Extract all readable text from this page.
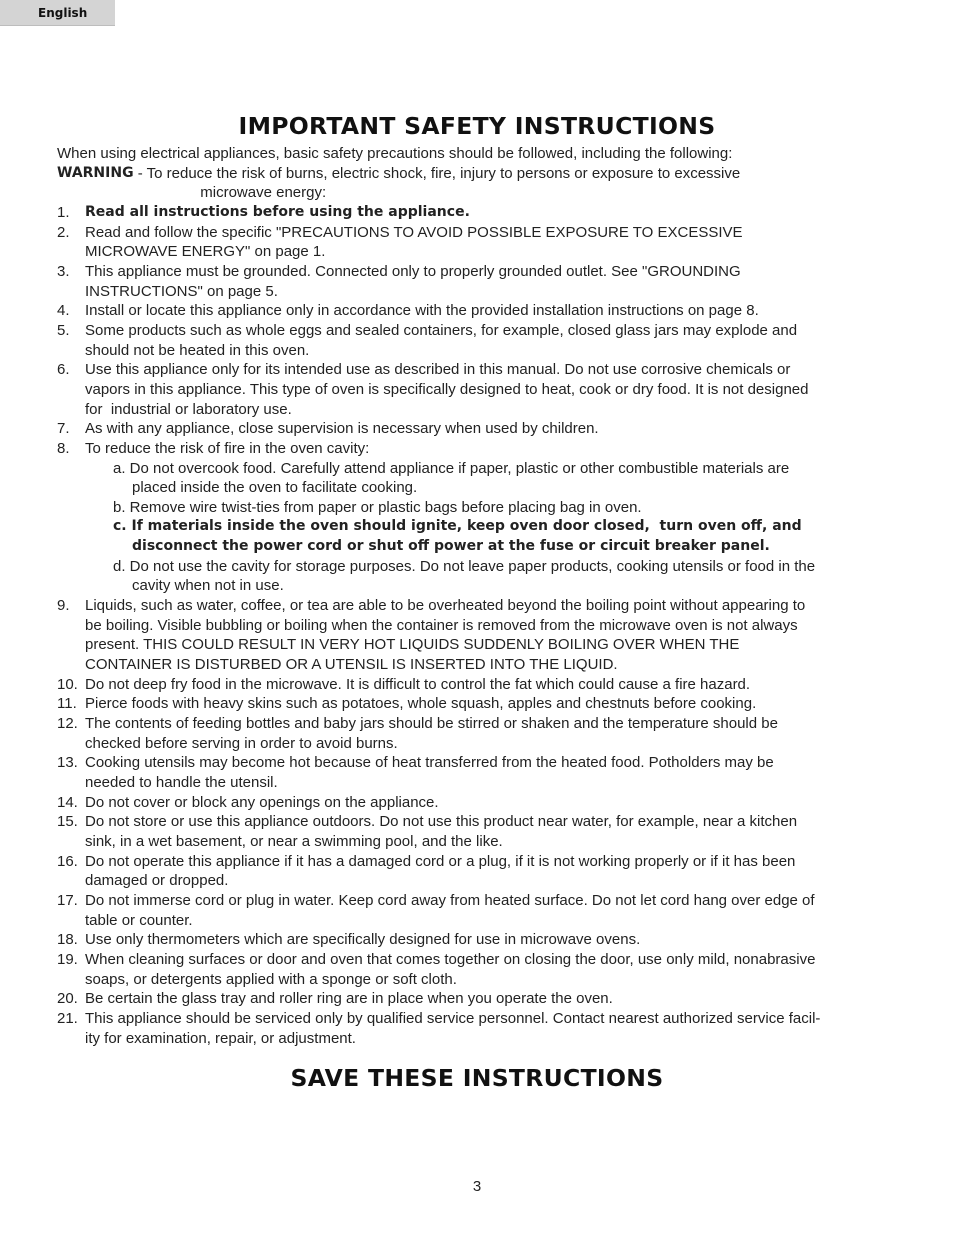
English
IMPORTANT SAFETY INSTRUCTIONS

When using electrical appliances, basic safety precautions should be followed, including the following:

WARNING - To reduce the risk of burns, electric shock, fire, injury to persons or exposure to excessive
microwave energy:
1.	Read all instructions before using the appliance.
2.	Read and follow the specific "PRECAUTIONS TO AVOID POSSIBLE EXPOSURE TO EXCESSIVE
MICROWAVE ENERGY" on page 1.
3.	This appliance must be grounded. Connected only to properly grounded outlet. See "GROUNDING
INSTRUCTIONS" on page 5.
4.	Install or locate this appliance only in accordance with the provided installation instructions on page 8.
5.	Some products such as whole eggs and sealed containers, for example, closed glass jars may explode and
should not be heated in this oven.
6.	Use this appliance only for its intended use as described in this manual. Do not use corrosive chemicals or
vapors in this appliance. This type of oven is specifically designed to heat, cook or dry food. It is not designed
for  industrial or laboratory use.
7.	As with any appliance, close supervision is necessary when used by children.
8.	To reduce the risk of fire in the oven cavity:
a. Do not overcook food. Carefully attend appliance if paper, plastic or other combustible materials are
placed inside the oven to facilitate cooking.
b. Remove wire twist-ties from paper or plastic bags before placing bag in oven.
c. If materials inside the oven should ignite, keep oven door closed,  turn oven off, and
disconnect the power cord or shut off power at the fuse or circuit breaker panel.
d. Do not use the cavity for storage purposes. Do not leave paper products, cooking utensils or food in the
cavity when not in use.
9.	Liquids, such as water, coffee, or tea are able to be overheated beyond the boiling point without appearing to
be boiling. Visible bubbling or boiling when the container is removed from the microwave oven is not always
present. THIS COULD RESULT IN VERY HOT LIQUIDS SUDDENLY BOILING OVER WHEN THE
CONTAINER IS DISTURBED OR A UTENSIL IS INSERTED INTO THE LIQUID.
10. Do not deep fry food in the microwave. It is difficult to control the fat which could cause a fire hazard.
11. Pierce foods with heavy skins such as potatoes, whole squash, apples and chestnuts before cooking.
12. The contents of feeding bottles and baby jars should be stirred or shaken and the temperature should be
checked before serving in order to avoid burns.
13. Cooking utensils may become hot because of heat transferred from the heated food. Potholders may be
needed to handle the utensil.
14. Do not cover or block any openings on the appliance.
15. Do not store or use this appliance outdoors. Do not use this product near water, for example, near a kitchen
sink, in a wet basement, or near a swimming pool, and the like.
16. Do not operate this appliance if it has a damaged cord or a plug, if it is not working properly or if it has been
damaged or dropped.
17. Do not immerse cord or plug in water. Keep cord away from heated surface. Do not let cord hang over edge of
table or counter.
18. Use only thermometers which are specifically designed for use in microwave ovens.
19. When cleaning surfaces or door and oven that comes together on closing the door, use only mild, nonabrasive
soaps, or detergents applied with a sponge or soft cloth.
20. Be certain the glass tray and roller ring are in place when you operate the oven.
21. This appliance should be serviced only by qualified service personnel. Contact nearest authorized service facil-
ity for examination, repair, or adjustment.
SAVE THESE INSTRUCTIONS
3
